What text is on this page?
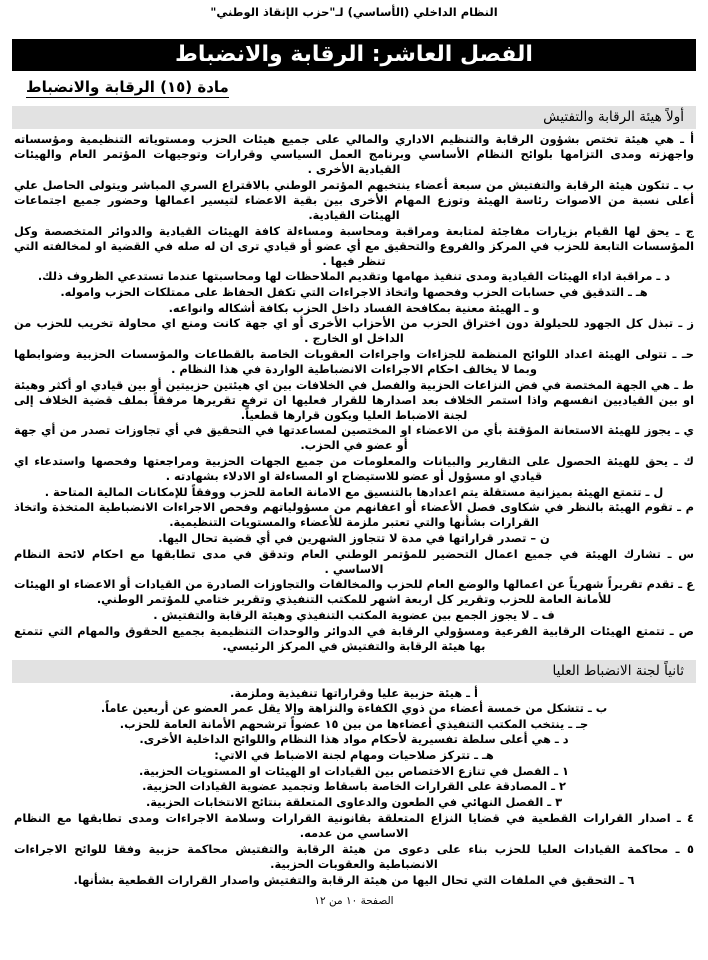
النظام الداخلي (الأساسي) لـ"حزب الإنقاذ الوطني"
الفصل العاشر: الرقابة والانضباط
مادة (١٥) الرقابة والانضباط
أولاً هيئة الرقابة والتفتيش

أ ـ هي هيئة تختص بشؤون الرقابة والتنظيم الاداري والمالي على جميع هيئات الحزب ومستوياته التنظيمية ومؤسساته واجهزته ومدى التزامها بلوائح النظام الأساسي وبرنامج العمل السياسي وقرارات وتوجيهات المؤتمر العام والهيئات القيادية الأخرى .

ب ـ تتكون هيئة الرقابة والتفتيش من سبعة أعضاء ينتخبهم المؤتمر الوطني بالاقتراع السري المباشر ويتولى الحاصل علي أعلى نسبة من الاصوات رئاسة الهيئة وتوزع المهام الأخرى بين بقية الاعضاء لتيسير اعمالها وحضور جميع اجتماعات الهيئات القيادية.

ج ـ يحق لها القيام بزيارات مفاجئة لمتابعة ومراقبة ومحاسبة ومساءلة كافة الهيئات القيادية والدوائر المتخصصة وكل المؤسسات التابعة للحزب في المركز والفروع والتحقيق مع أي عضو أو قيادي ترى ان له صله في القضية او لمخالفته التي تنظر فيها .

د ـ مراقبة اداء الهيئات القيادية ومدى تنفيذ مهامها وتقديم الملاحظات لها ومحاسبتها عندما تستدعي الظروف ذلك.

هـ ـ التدقيق في حسابات الحزب وفحصها واتخاذ الاجراءات التي تكفل الحفاظ على ممتلكات الحزب واموله.

و ـ الهيئة معنية بمكافحة الفساد داخل الحزب بكافة أشكاله وانواعه.

ز ـ تبذل كل الجهود للحيلولة دون اختراق الحزب من الأحزاب الأخرى أو اي جهة كانت ومنع اي محاولة تخريب للحزب من الداخل او الخارج .

حـ ـ تتولى الهيئة اعداد اللوائح المنظمة للجزاءات واجراءات العقوبات الخاصة بالقطاعات والمؤسسات الحزبية وضوابطها وبما لا يخالف احكام الاجراءات الانضباطية الواردة في هذا النظام .

ط ـ هي الجهة المختصة في فض النزاعات الحزبية والفصل في الخلافات بين اي هيئتين حزبيتين أو بين قيادي او أكثر وهيئة او بين القياديين انفسهم واذا استمر الخلاف بعد اصدارها للقرار فعليها ان ترفع تقريرها مرفقاً بملف قضية الخلاف إلى لجنة الاضباط العليا ويكون قرارها قطعياً.

ي ـ يجوز للهيئة الاستعانة المؤقتة بأي من الاعضاء او المختصين لمساعدتها في التحقيق في أي تجاوزات تصدر من أي جهة أو عضو في الحزب.

ك ـ يحق للهيئة الحصول على التقارير والبيانات والمعلومات من جميع الجهات الحزبية ومراجعتها وفحصها واستدعاء اي قيادي او مسؤول أو عضو للاستيضاح او المساءلة او الادلاء بشهادته .

ل ـ تتمتع الهيئة بميزانية مستقلة يتم اعدادها بالتنسيق مع الامانة العامة للحزب ووفقاً للإمكانات المالية المتاحة .

م ـ تقوم الهيئة بالنظر في شكاوى فصل الأعضاء أو اعفانهم من مسؤولياتهم وفحص الاجراءات الانضباطية المتخذة واتخاذ القرارات بشأنها والتي تعتبر ملزمة للأعضاء والمستويات التنظيمية.

ن – تصدر قراراتها في مدة لا تتجاوز الشهرين في أي قضية تحال اليها.

س ـ تشارك الهيئة في جميع اعمال التحضير للمؤتمر الوطني العام وتدقق في مدى تطابقها مع احكام لائحة النظام الاساسي .

ع ـ تقدم تقريراً شهرياً عن اعمالها والوضع العام للحزب والمخالفات والتجاوزات الصادرة من القيادات أو الاعضاء او الهيئات للأمانة العامة للحزب وتقرير كل اربعة اشهر للمكتب التنفيذي وتقرير ختامي للمؤتمر الوطني.

ف ـ لا يجوز الجمع بين عضوية المكتب التنفيذي وهيئة الرقابة والتفتيش .

ص ـ تتمتع الهيئات الرقابية الفرعية ومسؤولي الرقابة في الدوائر والوحدات التنظيمية بجميع الحقوق والمهام التي تتمتع بها هيئة الرقابة والتفتيش في المركز الرئيسي.

ثانياً لجنة الانضباط العليا

أ ـ هيئة حزبية عليا وقراراتها تنفيذية وملزمة.

ب ـ تتشكل من خمسة أعضاء من ذوي الكفاءة والنزاهة وإلا يقل عمر العضو عن أربعين عاماً.

جـ ـ ينتخب المكتب التنفيذي أعضاءها من بين ١٥ عضواً ترشحهم الأمانة العامة للحزب.

د ـ هي أعلى سلطة تفسيرية لأحكام مواد هذا النظام واللوائح الداخلية الأخرى.

هـ ـ تتركز صلاحيات ومهام لجنة الاضباط في الاتي:

١ ـ الفصل في تنازع الاختصاص بين القيادات او الهيئات او المستويات الحزبية.

٢ ـ المصادقة على القرارات الخاصة باسقاط وتجميد عضوية القيادات الحزبية.

٣ ـ الفصل النهائي في الطعون والدعاوى المتعلقة بنتائج الانتخابات الحزبية.

٤ ـ اصدار القرارات القطعية في قضايا النزاع المتعلقة بقانونية القرارات وسلامة الاجراءات ومدى تطابقها مع النظام الاساسي من عدمه.

٥ ـ محاكمة القيادات العليا للحزب بناء على دعوى من هيئة الرقابة والتفتيش محاكمة حزبية وفقا للوائح الاجراءات الانضباطية والعقوبات الحزبية.

٦ ـ التحقيق في الملفات التي تحال اليها من هيئة الرقابة والتفتيش واصدار القرارات القطعية بشأنها.

الصفحة ١٠ من ١٢
